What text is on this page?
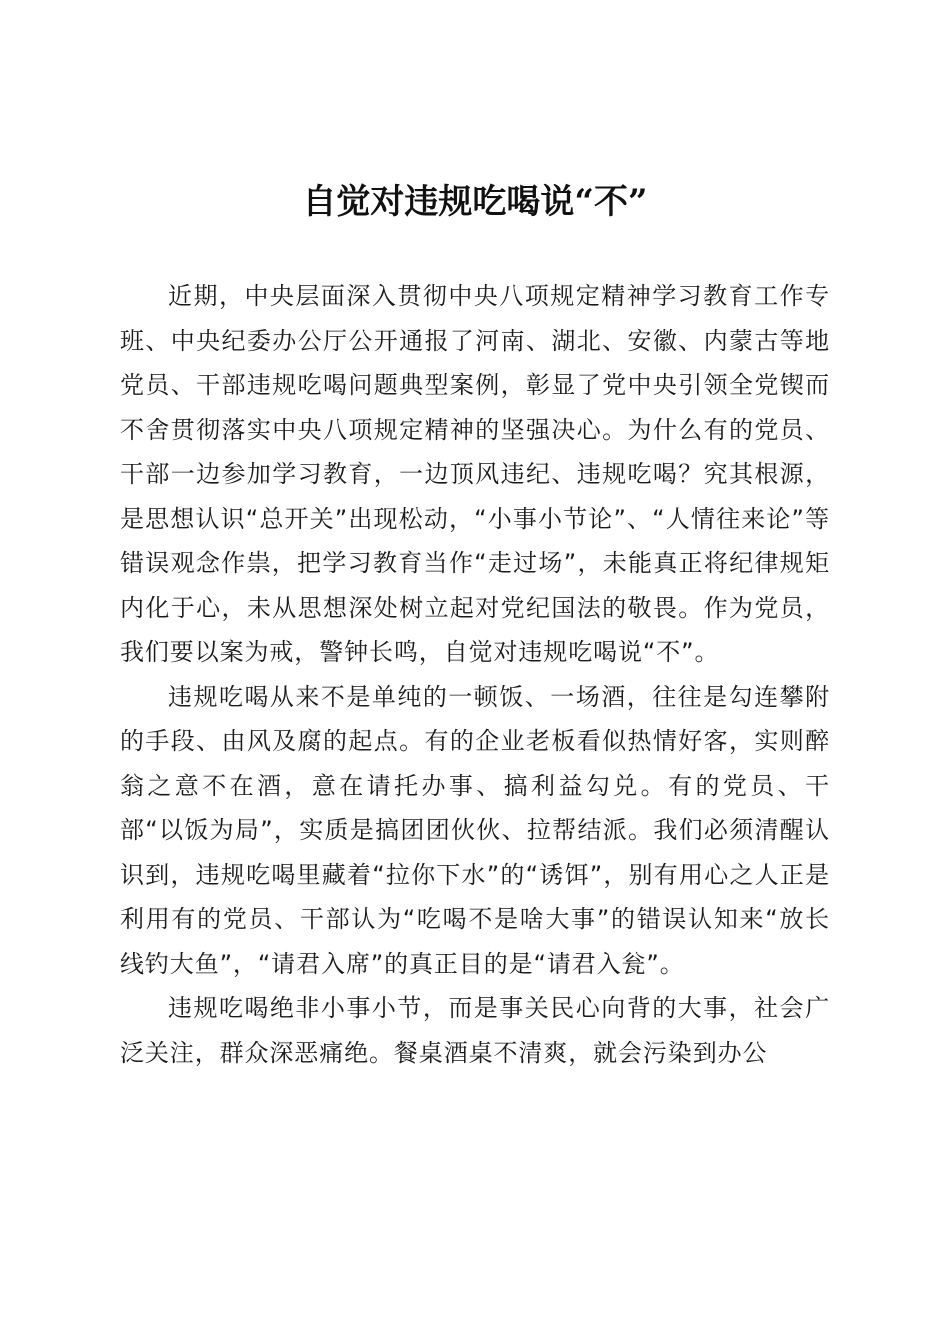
自觉对违规吃喝说“不”

近期，中央层面深入贯彻中央八项规定精神学习教育工作专班、中央纪委办公厅公开通报了河南、湖北、安徽、内蒙古等地党员、干部违规吃喝问题典型案例，彰显了党中央引领全党锲而不舍贯彻落实中央八项规定精神的坚强决心。为什么有的党员、干部一边参加学习教育，一边顶风违纪、违规吃喝？究其根源，是思想认识“总开关”出现松动，“小事小节论”、“人情往来论”等错误观念作祟，把学习教育当作“走过场”，未能真正将纪律规矩内化于心，未从思想深处树立起对党纪国法的敬畏。作为党员，我们要以案为戒，警钟长鸣，自觉对违规吃喝说“不”。

违规吃喝从来不是单纯的一顿饭、一场酒，往往是勾连攀附的手段、由风及腐的起点。有的企业老板看似热情好客，实则醉翁之意不在酒，意在请托办事、搞利益勾兑。有的党员、干部“以饭为局”，实质是搞团团伙伙、拉帮结派。我们必须清醒认识到，违规吃喝里藏着“拉你下水”的“诱饵”，别有用心之人正是利用有的党员、干部认为“吃喝不是啥大事”的错误认知来“放长线钓大鱼”，“请君入席”的真正目的是“请君入瓮”。

违规吃喝绝非小事小节，而是事关民心向背的大事，社会广泛关注，群众深恶痛绝。餐桌酒桌不清爽，就会污染到办公
